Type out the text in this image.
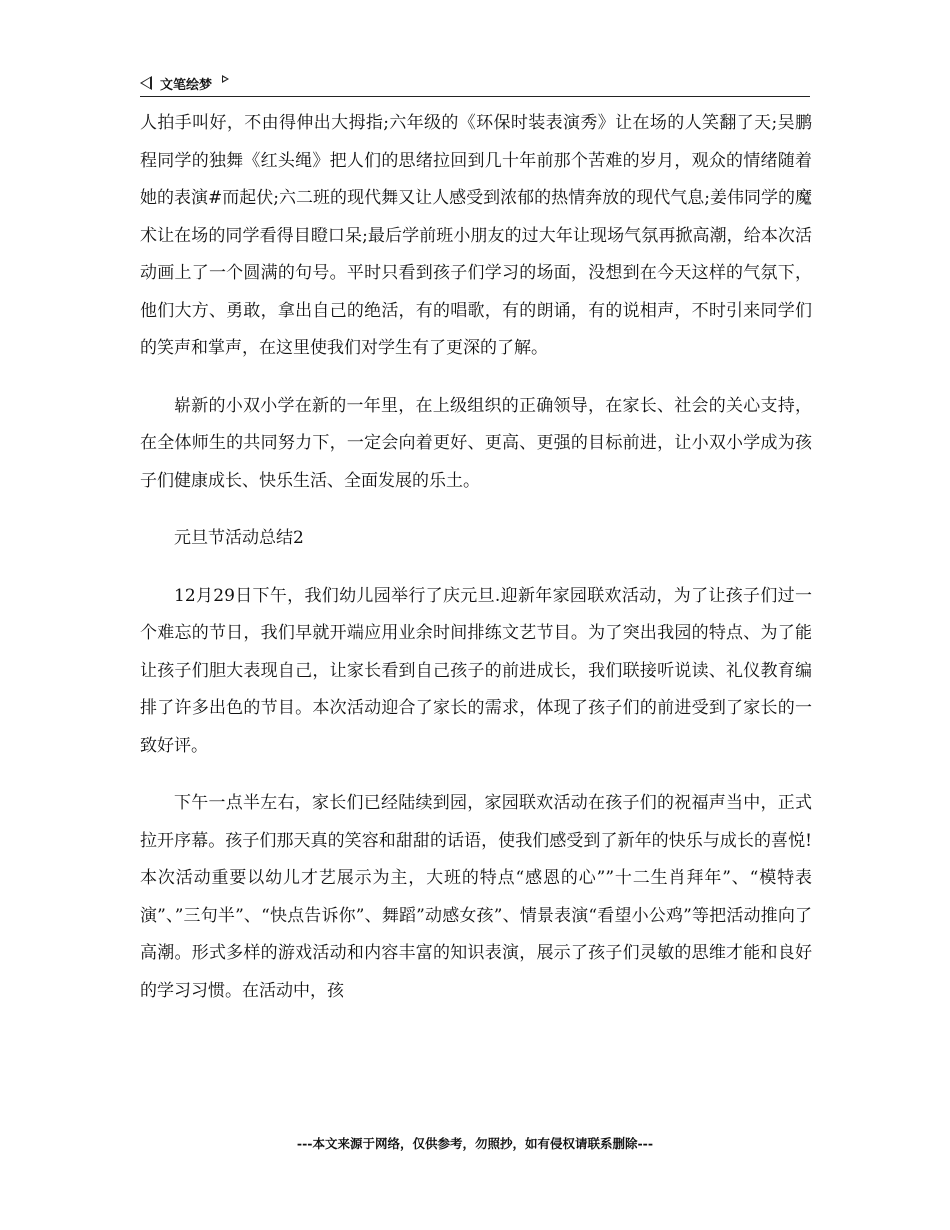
文笔绘梦

人拍手叫好，不由得伸出大拇指;六年级的《环保时装表演秀》让在场的人笑翻了天;吴鹏程同学的独舞《红头绳》把人们的思绪拉回到几十年前那个苦难的岁月，观众的情绪随着她的表演#而起伏;六二班的现代舞又让人感受到浓郁的热情奔放的现代气息;姜伟同学的魔术让在场的同学看得目瞪口呆;最后学前班小朋友的过大年让现场气氛再掀高潮，给本次活动画上了一个圆满的句号。平时只看到孩子们学习的场面，没想到在今天这样的气氛下，他们大方、勇敢，拿出自己的绝活，有的唱歌，有的朗诵，有的说相声，不时引来同学们的笑声和掌声，在这里使我们对学生有了更深的了解。

崭新的小双小学在新的一年里，在上级组织的正确领导，在家长、社会的关心支持，在全体师生的共同努力下，一定会向着更好、更高、更强的目标前进，让小双小学成为孩子们健康成长、快乐生活、全面发展的乐土。

元旦节活动总结2

12月29日下午，我们幼儿园举行了庆元旦.迎新年家园联欢活动，为了让孩子们过一个难忘的节日，我们早就开端应用业余时间排练文艺节目。为了突出我园的特点、为了能让孩子们胆大表现自己，让家长看到自己孩子的前进成长，我们联接听说读、礼仪教育编排了许多出色的节目。本次活动迎合了家长的需求，体现了孩子们的前进受到了家长的一致好评。

下午一点半左右，家长们已经陆续到园，家园联欢活动在孩子们的祝福声当中，正式拉开序幕。孩子们那天真的笑容和甜甜的话语，使我们感受到了新年的快乐与成长的喜悦!本次活动重要以幼儿才艺展示为主，大班的特点“感恩的心””十二生肖拜年”、“模特表演”、”三句半”、“快点告诉你”、舞蹈”动感女孩”、情景表演“看望小公鸡”等把活动推向了高潮。形式多样的游戏活动和内容丰富的知识表演，展示了孩子们灵敏的思维才能和良好的学习习惯。在活动中，孩

---本文来源于网络，仅供参考，勿照抄，如有侵权请联系删除---
